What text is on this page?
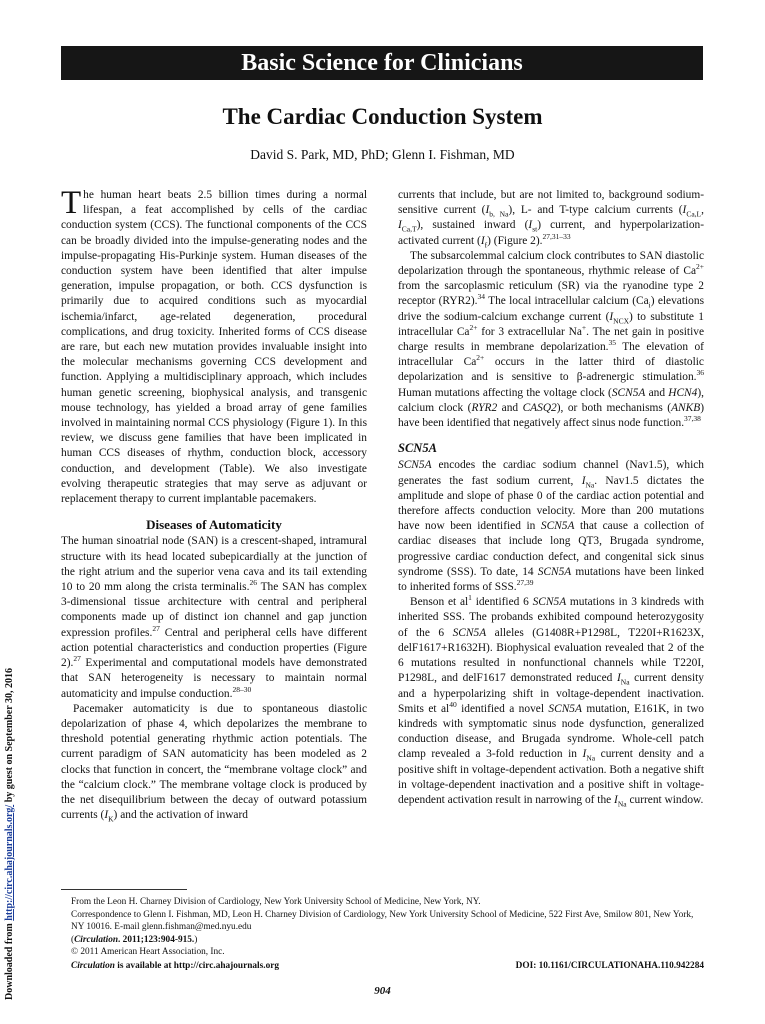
Basic Science for Clinicians
The Cardiac Conduction System
David S. Park, MD, PhD; Glenn I. Fishman, MD
Downloaded from http://circ.ahajournals.org/ by guest on September 30, 2016

The human heart beats 2.5 billion times during a normal lifespan, a feat accomplished by cells of the cardiac conduction system (CCS). The functional components of the CCS can be broadly divided into the impulse-generating nodes and the impulse-propagating His-Purkinje system. Human diseases of the conduction system have been identified that alter impulse generation, impulse propagation, or both. CCS dysfunction is primarily due to acquired conditions such as myocardial ischemia/infarct, age-related degeneration, procedural complications, and drug toxicity. Inherited forms of CCS disease are rare, but each new mutation provides invaluable insight into the molecular mechanisms governing CCS development and function. Applying a multidisciplinary approach, which includes human genetic screening, biophysical analysis, and transgenic mouse technology, has yielded a broad array of gene families involved in maintaining normal CCS physiology (Figure 1). In this review, we discuss gene families that have been implicated in human CCS diseases of rhythm, conduction block, accessory conduction, and development (Table). We also investigate evolving therapeutic strategies that may serve as adjuvant or replacement therapy to current implantable pacemakers.

Diseases of Automaticity

The human sinoatrial node (SAN) is a crescent-shaped, intramural structure with its head located subepicardially at the junction of the right atrium and the superior vena cava and its tail extending 10 to 20 mm along the crista terminalis.$^{26}$ The SAN has complex 3-dimensional tissue architecture with central and peripheral components made up of distinct ion channel and gap junction expression profiles.$^{27}$ Central and peripheral cells have different action potential characteristics and conduction properties (Figure 2).$^{27}$ Experimental and computational models have demonstrated that SAN heterogeneity is necessary to maintain normal automaticity and impulse conduction.$^{28-30}$

Pacemaker automaticity is due to spontaneous diastolic depolarization of phase 4, which depolarizes the membrane to threshold potential generating rhythmic action potentials. The current paradigm of SAN automaticity has been modeled as 2 clocks that function in concert, the “membrane voltage clock” and the “calcium clock.” The membrane voltage clock is produced by the net disequilibrium between the decay of outward potassium currents $(I_K)$ and the activation of inward

currents that include, but are not limited to, background sodium-sensitive current $(I_{b, Na})$, L- and T-type calcium currents ($I_{Ca,L}$, $I_{Ca,T}$), sustained inward $(I_{st})$ current, and hyperpolarization-activated current $(I_f)$ (Figure 2).$^{27,31-33}$

The subsarcolemmal calcium clock contributes to SAN diastolic depolarization through the spontaneous, rhythmic release of $Ca^{2+}$ from the sarcoplasmic reticulum (SR) via the ryanodine type 2 receptor (RYR2).$^{34}$ The local intracellular calcium $(Ca_i)$ elevations drive the sodium-calcium exchange current $(I_{NCX})$ to substitute 1 intracellular $Ca^{2+}$ for 3 extracellular Na+. The net gain in positive charge results in membrane depolarization.$^{35}$ The elevation of intracellular $Ca^{2+}$ occurs in the latter third of diastolic depolarization and is sensitive to β-adrenergic stimulation.$^{36}$ Human mutations affecting the voltage clock (SCN5A and HCN4), calcium clock (RYR2 and CASQ2), or both mechanisms (ANKB) have been identified that negatively affect sinus node function.$^{37,38}$

SCN5A

SCN5A encodes the cardiac sodium channel (Nav1.5), which generates the fast sodium current, $I_{Na}$. Nav1.5 dictates the amplitude and slope of phase 0 of the cardiac action potential and therefore affects conduction velocity. More than 200 mutations have now been identified in SCN5A that cause a collection of cardiac diseases that include long QT3, Brugada syndrome, progressive cardiac conduction defect, and congenital sick sinus syndrome (SSS). To date, 14 SCN5A mutations have been linked to inherited forms of SSS.$^{27,39}$

Benson et $al^1$ identified 6 SCN5A mutations in 3 kindreds with inherited SSS. The probands exhibited compound heterozygosity of the 6 SCN5A alleles (G1408R+P1298L, T220I+R1623X, delF1617+R1632H). Biophysical evaluation revealed that 2 of the 6 mutations resulted in nonfunctional channels while T220I, P1298L, and delF1617 demonstrated reduced $I_{Na}$ current density and a hyperpolarizing shift in voltage-dependent inactivation. Smits et $al^{40}$ identified a novel SCN5A mutation, E161K, in two kindreds with symptomatic sinus node dysfunction, generalized conduction disease, and Brugada syndrome. Whole-cell patch clamp revealed a 3-fold reduction in $I_{Na}$ current density and a positive shift in voltage-dependent activation. Both a negative shift in voltage-dependent inactivation and a positive shift in voltage-dependent activation result in narrowing of the $I_{Na}$ current window.

From the Leon H. Charney Division of Cardiology, New York University School of Medicine, New York, NY.
Correspondence to Glenn I. Fishman, MD, Leon H. Charney Division of Cardiology, New York University School of Medicine, 522 First Ave, Smilow 801, New York, NY 10016. E-mail glenn.fishman@med.nyu.edu
(Circulation. 2011;123:904-915.)
© 2011 American Heart Association, Inc.
Circulation is available at http://circ.ahajournals.org	DOI: 10.1161/CIRCULATIONAHA.110.942284
904
